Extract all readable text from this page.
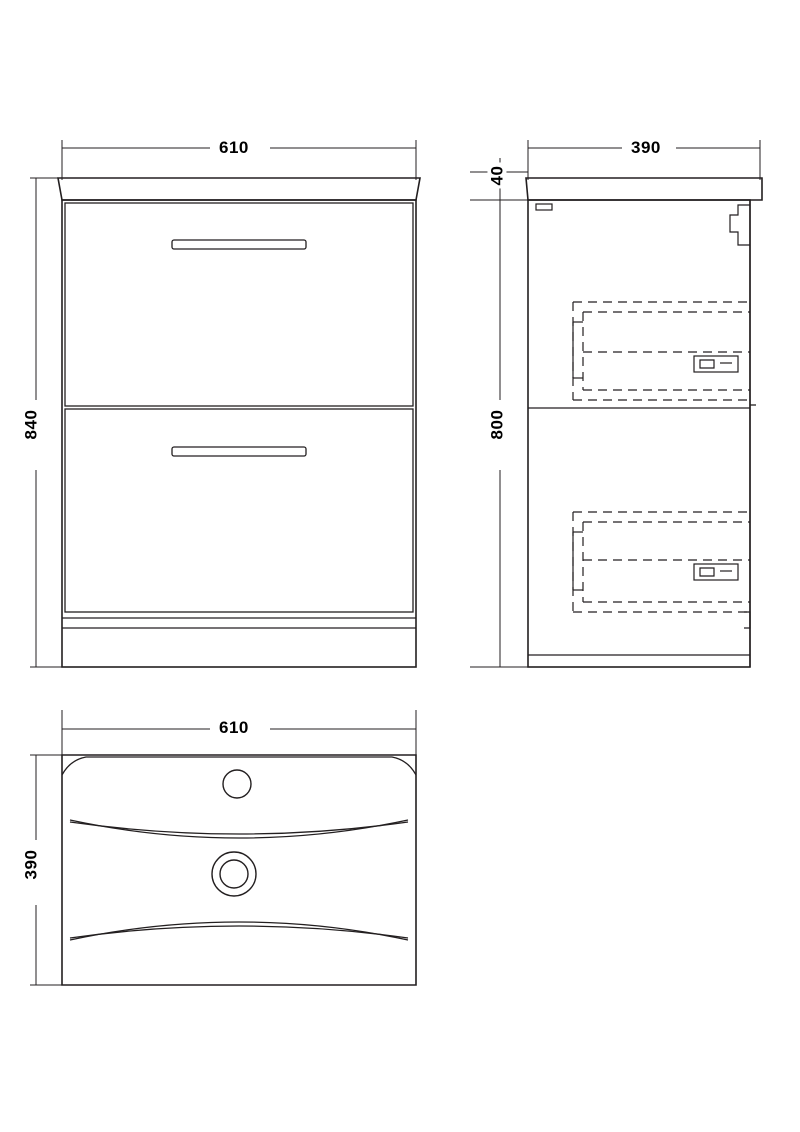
610
840
390
40
800
610
390
